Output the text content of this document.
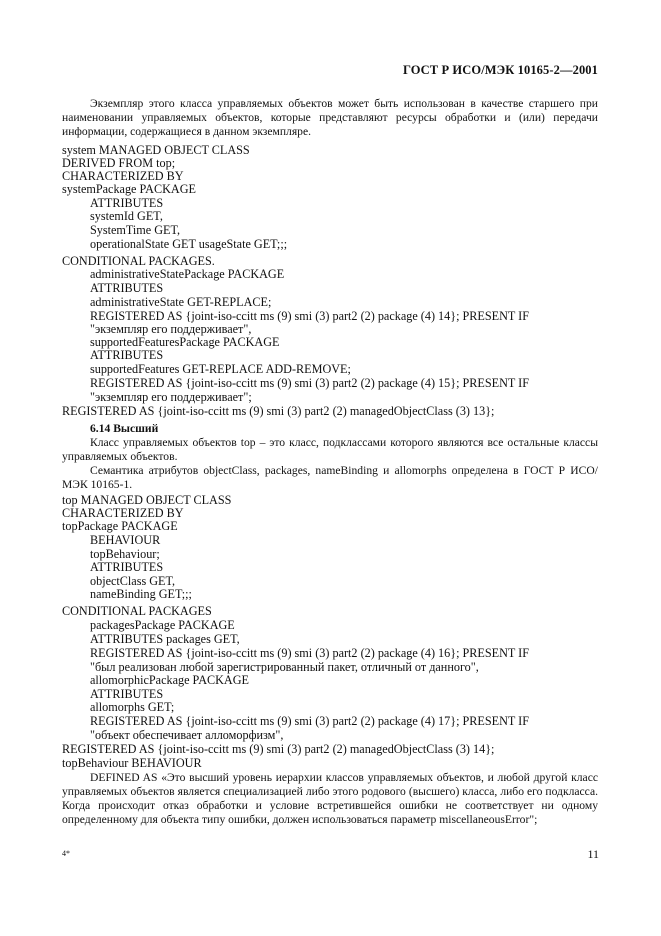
ГОСТ Р ИСО/МЭК 10165-2—2001

Экземпляр этого класса управляемых объектов может быть использован в качестве старшего при наименовании управляемых объектов, которые представляют ресурсы обработки и (или) передачи информации, содержащиеся в данном экземпляре.

system MANAGED OBJECT CLASS
DERIVED FROM top;
CHARACTERIZED BY
systemPackage PACKAGE
ATTRIBUTES
systemId GET,
SystemTime GET,
operationalState GET usageState GET;;;
CONDITIONAL PACKAGES.
administrativeStatePackage PACKAGE
ATTRIBUTES
administrativeState GET-REPLACE;
REGISTERED AS {joint-iso-ccitt ms (9) smi (3) part2 (2) package (4) 14}; PRESENT IF
"экземпляр его поддерживает",
supportedFeaturesPackage PACKAGE
ATTRIBUTES
supportedFeatures GET-REPLACE ADD-REMOVE;
REGISTERED AS {joint-iso-ccitt ms (9) smi (3) part2 (2) package (4) 15}; PRESENT IF
"экземпляр его поддерживает";
REGISTERED AS {joint-iso-ccitt ms (9) smi (3) part2 (2) managedObjectClass (3) 13};
6.14 Высший

Класс управляемых объектов top – это класс, подклассами которого являются все остальные классы управляемых объектов.

Семантика атрибутов objectClass, packages, nameBinding и allomorphs определена в ГОСТ Р ИСО/МЭК 10165-1.

top MANAGED OBJECT CLASS
CHARACTERIZED BY
topPackage PACKAGE
BEHAVIOUR
topBehaviour;
ATTRIBUTES
objectClass GET,
nameBinding GET;;;
CONDITIONAL PACKAGES
packagesPackage PACKAGE
ATTRIBUTES packages GET,
REGISTERED AS {joint-iso-ccitt ms (9) smi (3) part2 (2) package (4) 16}; PRESENT IF
"был реализован любой зарегистрированный пакет, отличный от данного",
allomorphicPackage PACKAGE
ATTRIBUTES
allomorphs GET;
REGISTERED AS {joint-iso-ccitt ms (9) smi (3) part2 (2) package (4) 17}; PRESENT IF
"объект обеспечивает алломорфизм",
REGISTERED AS {joint-iso-ccitt ms (9) smi (3) part2 (2) managedObjectClass (3) 14};
topBehaviour BEHAVIOUR

DEFINED AS «Это высший уровень иерархии классов управляемых объектов, и любой другой класс управляемых объектов является специализацией либо этого родового (высшего) класса, либо его подкласса. Когда происходит отказ обработки и условие встретившейся ошибки не соответствует ни одному определенному для объекта типу ошибки, должен использоваться параметр miscellaneousError";

4*	11
